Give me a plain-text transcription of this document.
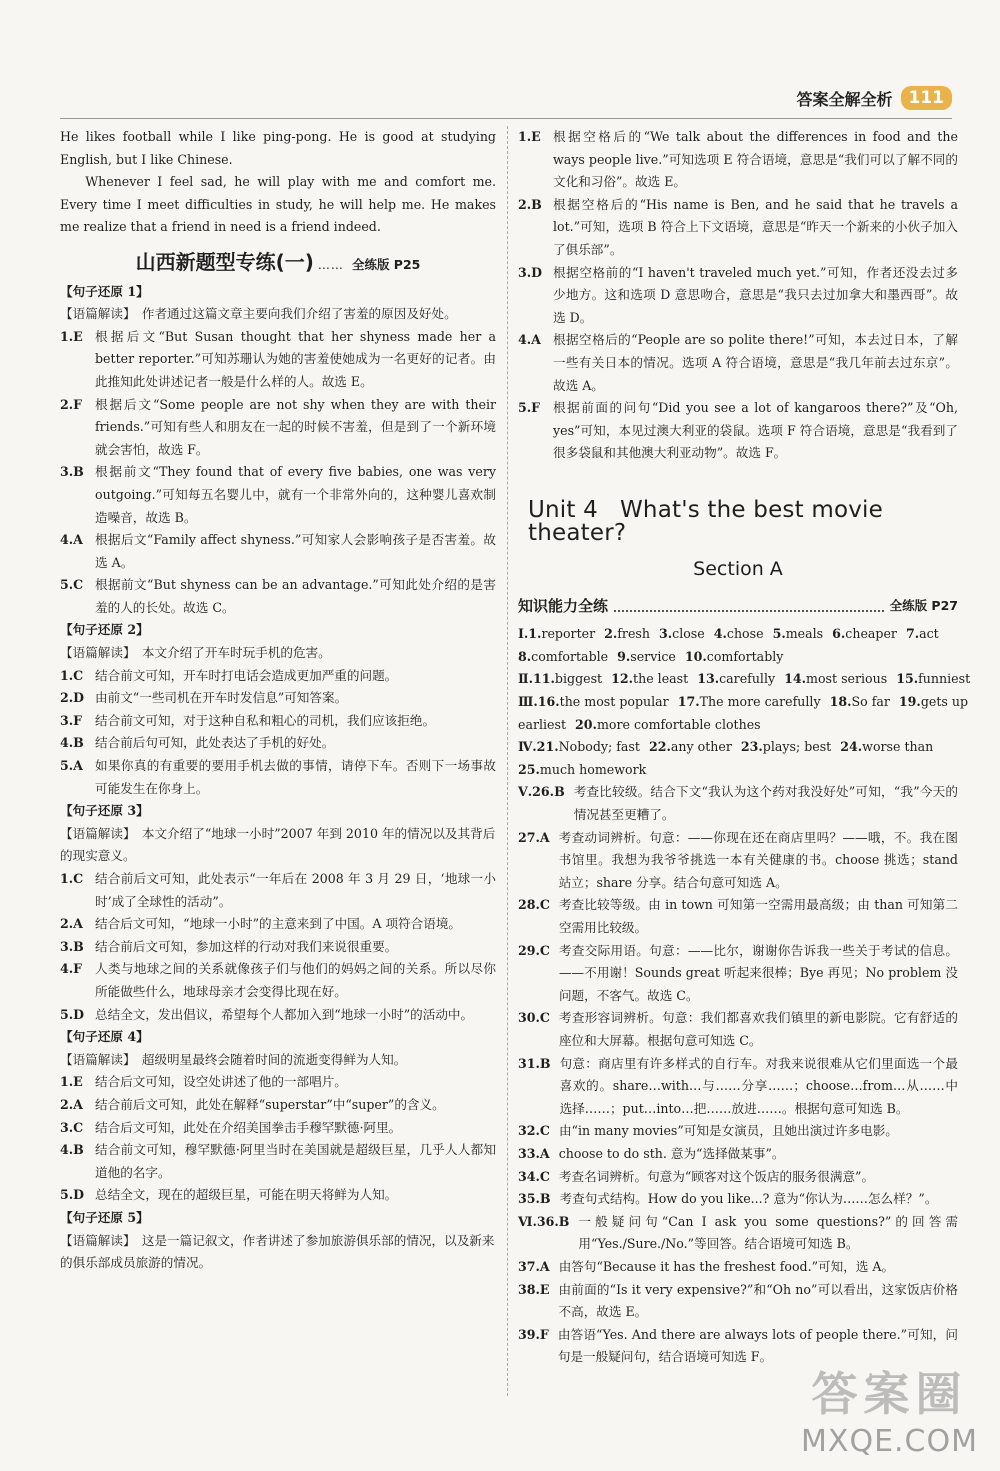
答案全解全析 111

He likes football while I like ping-pong. He is good at studying English, but I like Chinese.

Whenever I feel sad, he will play with me and comfort me. Every time I meet difficulties in study, he will help me. He makes me realize that a friend in need is a friend indeed.

山西新题型专练(一) …… 全练版 P25

【句子还原 1】

【语篇解读】　作者通过这篇文章主要向我们介绍了害羞的原因及好处。

1.E 根据后文“But Susan thought that her shyness made her a better reporter.”可知苏珊认为她的害羞使她成为一名更好的记者。由此推知此处讲述记者一般是什么样的人。故选 E。
2.F	根据后文“Some people are not shy when they are with their friends.”可知有些人和朋友在一起的时候不害羞，但是到了一个新环境就会害怕，故选 F。
3.B 根据前文“They found that of every five babies, one was very outgoing.”可知每五名婴儿中，就有一个非常外向的，这种婴儿喜欢制造噪音，故选 B。
4.A 根据后文“Family affect shyness.”可知家人会影响孩子是否害羞。故选 A。
5.C 根据前文“But shyness can be an advantage.”可知此处介绍的是害羞的人的长处。故选 C。

【句子还原 2】

【语篇解读】　本文介绍了开车时玩手机的危害。

1.C 结合前文可知，开车时打电话会造成更加严重的问题。
2.D 由前文“一些司机在开车时发信息”可知答案。
3.F	结合前文可知，对于这种自私和粗心的司机，我们应该拒绝。
4.B 结合前后句可知，此处表达了手机的好处。
5.A 如果你真的有重要的要用手机去做的事情，请停下车。否则下一场事故可能发生在你身上。

【句子还原 3】

【语篇解读】　本文介绍了“地球一小时”2007 年到 2010 年的情况以及其背后的现实意义。

1.C 结合前后文可知，此处表示“一年后在 2008 年 3 月 29 日，‘地球一小时’成了全球性的活动”。
2.A 结合后文可知，“地球一小时”的主意来到了中国。A 项符合语境。
3.B 结合前后文可知，参加这样的行动对我们来说很重要。
4.F	人类与地球之间的关系就像孩子们与他们的妈妈之间的关系。所以尽你所能做些什么，地球母亲才会变得比现在好。
5.D 总结全文，发出倡议，希望每个人都加入到“地球一小时”的活动中。

【句子还原 4】

【语篇解读】　超级明星最终会随着时间的流逝变得鲜为人知。

1.E 结合后文可知，设空处讲述了他的一部唱片。
2.A 结合前后文可知，此处在解释“superstar”中“super”的含义。
3.C 结合后文可知，此处在介绍美国拳击手穆罕默德·阿里。
4.B 结合前文可知，穆罕默德·阿里当时在美国就是超级巨星，几乎人人都知道他的名字。
5.D 总结全文，现在的超级巨星，可能在明天将鲜为人知。

【句子还原 5】

【语篇解读】　这是一篇记叙文，作者讲述了参加旅游俱乐部的情况，以及新来的俱乐部成员旅游的情况。

1.E 根据空格后的“We talk about the differences in food and the ways people live.”可知选项 E 符合语境，意思是“我们可以了解不同的文化和习俗”。故选 E。
2.B 根据空格后的“His name is Ben, and he said that he travels a lot.”可知，选项 B 符合上下文语境，意思是“昨天一个新来的小伙子加入了俱乐部”。
3.D 根据空格前的“I haven't traveled much yet.”可知，作者还没去过多少地方。这和选项 D 意思吻合，意思是“我只去过加拿大和墨西哥”。故选 D。
4.A 根据空格后的“People are so polite there!”可知，本去过日本，了解一些有关日本的情况。选项 A 符合语境，意思是“我几年前去过东京”。故选 A。
5.F	根据前面的问句“Did you see a lot of kangaroos there?”及“Oh, yes”可知，本见过澳大利亚的袋鼠。选项 F 符合语境，意思是“我看到了很多袋鼠和其他澳大利亚动物”。故选 F。
Unit 4 What's the best movie theater?
Section A
知识能力全练	全练版 P27
Ⅰ.1.reporter 2.fresh 3.close 4.chose 5.meals 6.cheaper 7.act
8.comfortable 9.service 10.comfortably
Ⅱ.11.biggest 12.the least 13.carefully 14.most serious 15.funniest
Ⅲ.16.the most popular 17.The more carefully 18.So far 19.gets up
earliest 20.more comfortable clothes
Ⅳ.21.Nobody; fast 22.any other 23.plays; best 24.worse than
25.much homework
Ⅴ.26.B 考查比较级。结合下文“我认为这个药对我没好处”可知，“我”今天的情况甚至更糟了。
27.A 考查动词辨析。句意：——你现在还在商店里吗？——哦，不。我在图书馆里。我想为我爷爷挑选一本有关健康的书。choose 挑选；stand 站立；share 分享。结合句意可知选 A。
28.C 考查比较等级。由 in town 可知第一空需用最高级；由 than 可知第二空需用比较级。
29.C 考查交际用语。句意：——比尔，谢谢你告诉我一些关于考试的信息。——不用谢！Sounds great 听起来很棒；Bye 再见；No problem 没问题，不客气。故选 C。
30.C 考查形容词辨析。句意：我们都喜欢我们镇里的新电影院。它有舒适的座位和大屏幕。根据句意可知选 C。
31.B 句意：商店里有许多样式的自行车。对我来说很难从它们里面选一个最喜欢的。share…with…与……分享……；choose…from…从……中选择……；put…into…把……放进……。根据句意可知选 B。
32.C 由“in many movies”可知是女演员，且她出演过许多电影。
33.A choose to do sth. 意为“选择做某事”。
34.C 考查名词辨析。句意为“顾客对这个饭店的服务很满意”。
35.B 考查句式结构。How do you like...? 意为“你认为……怎么样？”。
Ⅵ.36.B 一般疑问句“Can I ask you some questions?”的回答需用“Yes./Sure./No.”等回答。结合语境可知选 B。
37.A 由答句“Because it has the freshest food.”可知，选 A。
38.E 由前面的“Is it very expensive?”和“Oh no”可以看出，这家饭店价格不高，故选 E。
39.F 由答语“Yes. And there are always lots of people there.”可知，问句是一般疑问句，结合语境可知选 F。
答案圈
MXQE.COM
